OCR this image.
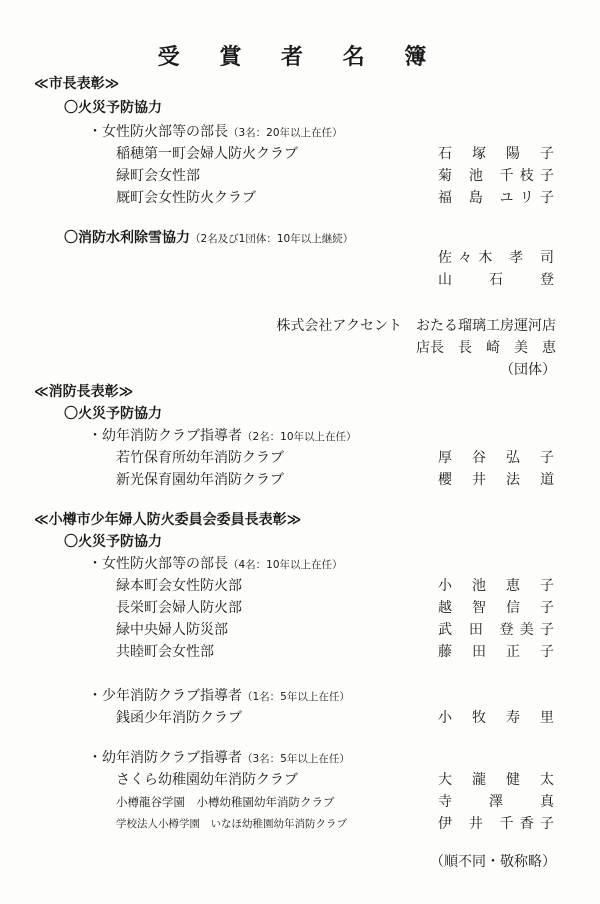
受 賞 者 名 簿
≪市長表彰≫
〇火災予防協力
・女性防火部等の部長（3名：20年以上在任）
稲穂第一町会婦人防火クラブ	石 塚 陽 子
緑町会女性部	菊 池 千枝子
厩町会女性防火クラブ	福 島 ユリ子
〇消防水利除雪協力（2名及び1団体：10年以上継続）
佐々木 孝 司
山 石 登
株式会社アクセント　おたる瑠璃工房運河店
店長　長　崎　美　恵
（団体）
≪消防長表彰≫
〇火災予防協力
・幼年消防クラブ指導者（2名：10年以上在任）
若竹保育所幼年消防クラブ	厚 谷 弘 子
新光保育園幼年消防クラブ	櫻 井 法 道
≪小樽市少年婦人防火委員会委員長表彰≫
〇火災予防協力
・女性防火部等の部長（4名：10年以上在任）
緑本町会女性防火部	小 池 恵 子
長栄町会婦人防火部	越 智 信 子
緑中央婦人防災部	武 田 登美子
共睦町会女性部	藤 田 正 子
・少年消防クラブ指導者（1名：5年以上在任）
銭函少年消防クラブ	小 牧 寿 里
・幼年消防クラブ指導者（3名：5年以上在任）
さくら幼稚園幼年消防クラブ	大 瀧 健 太
小樽龍谷学園　小樽幼稚園幼年消防クラブ	寺 澤 真
学校法人小樽学園　いなほ幼稚園幼年消防クラブ	伊 井 千香子
（順不同・敬称略）
